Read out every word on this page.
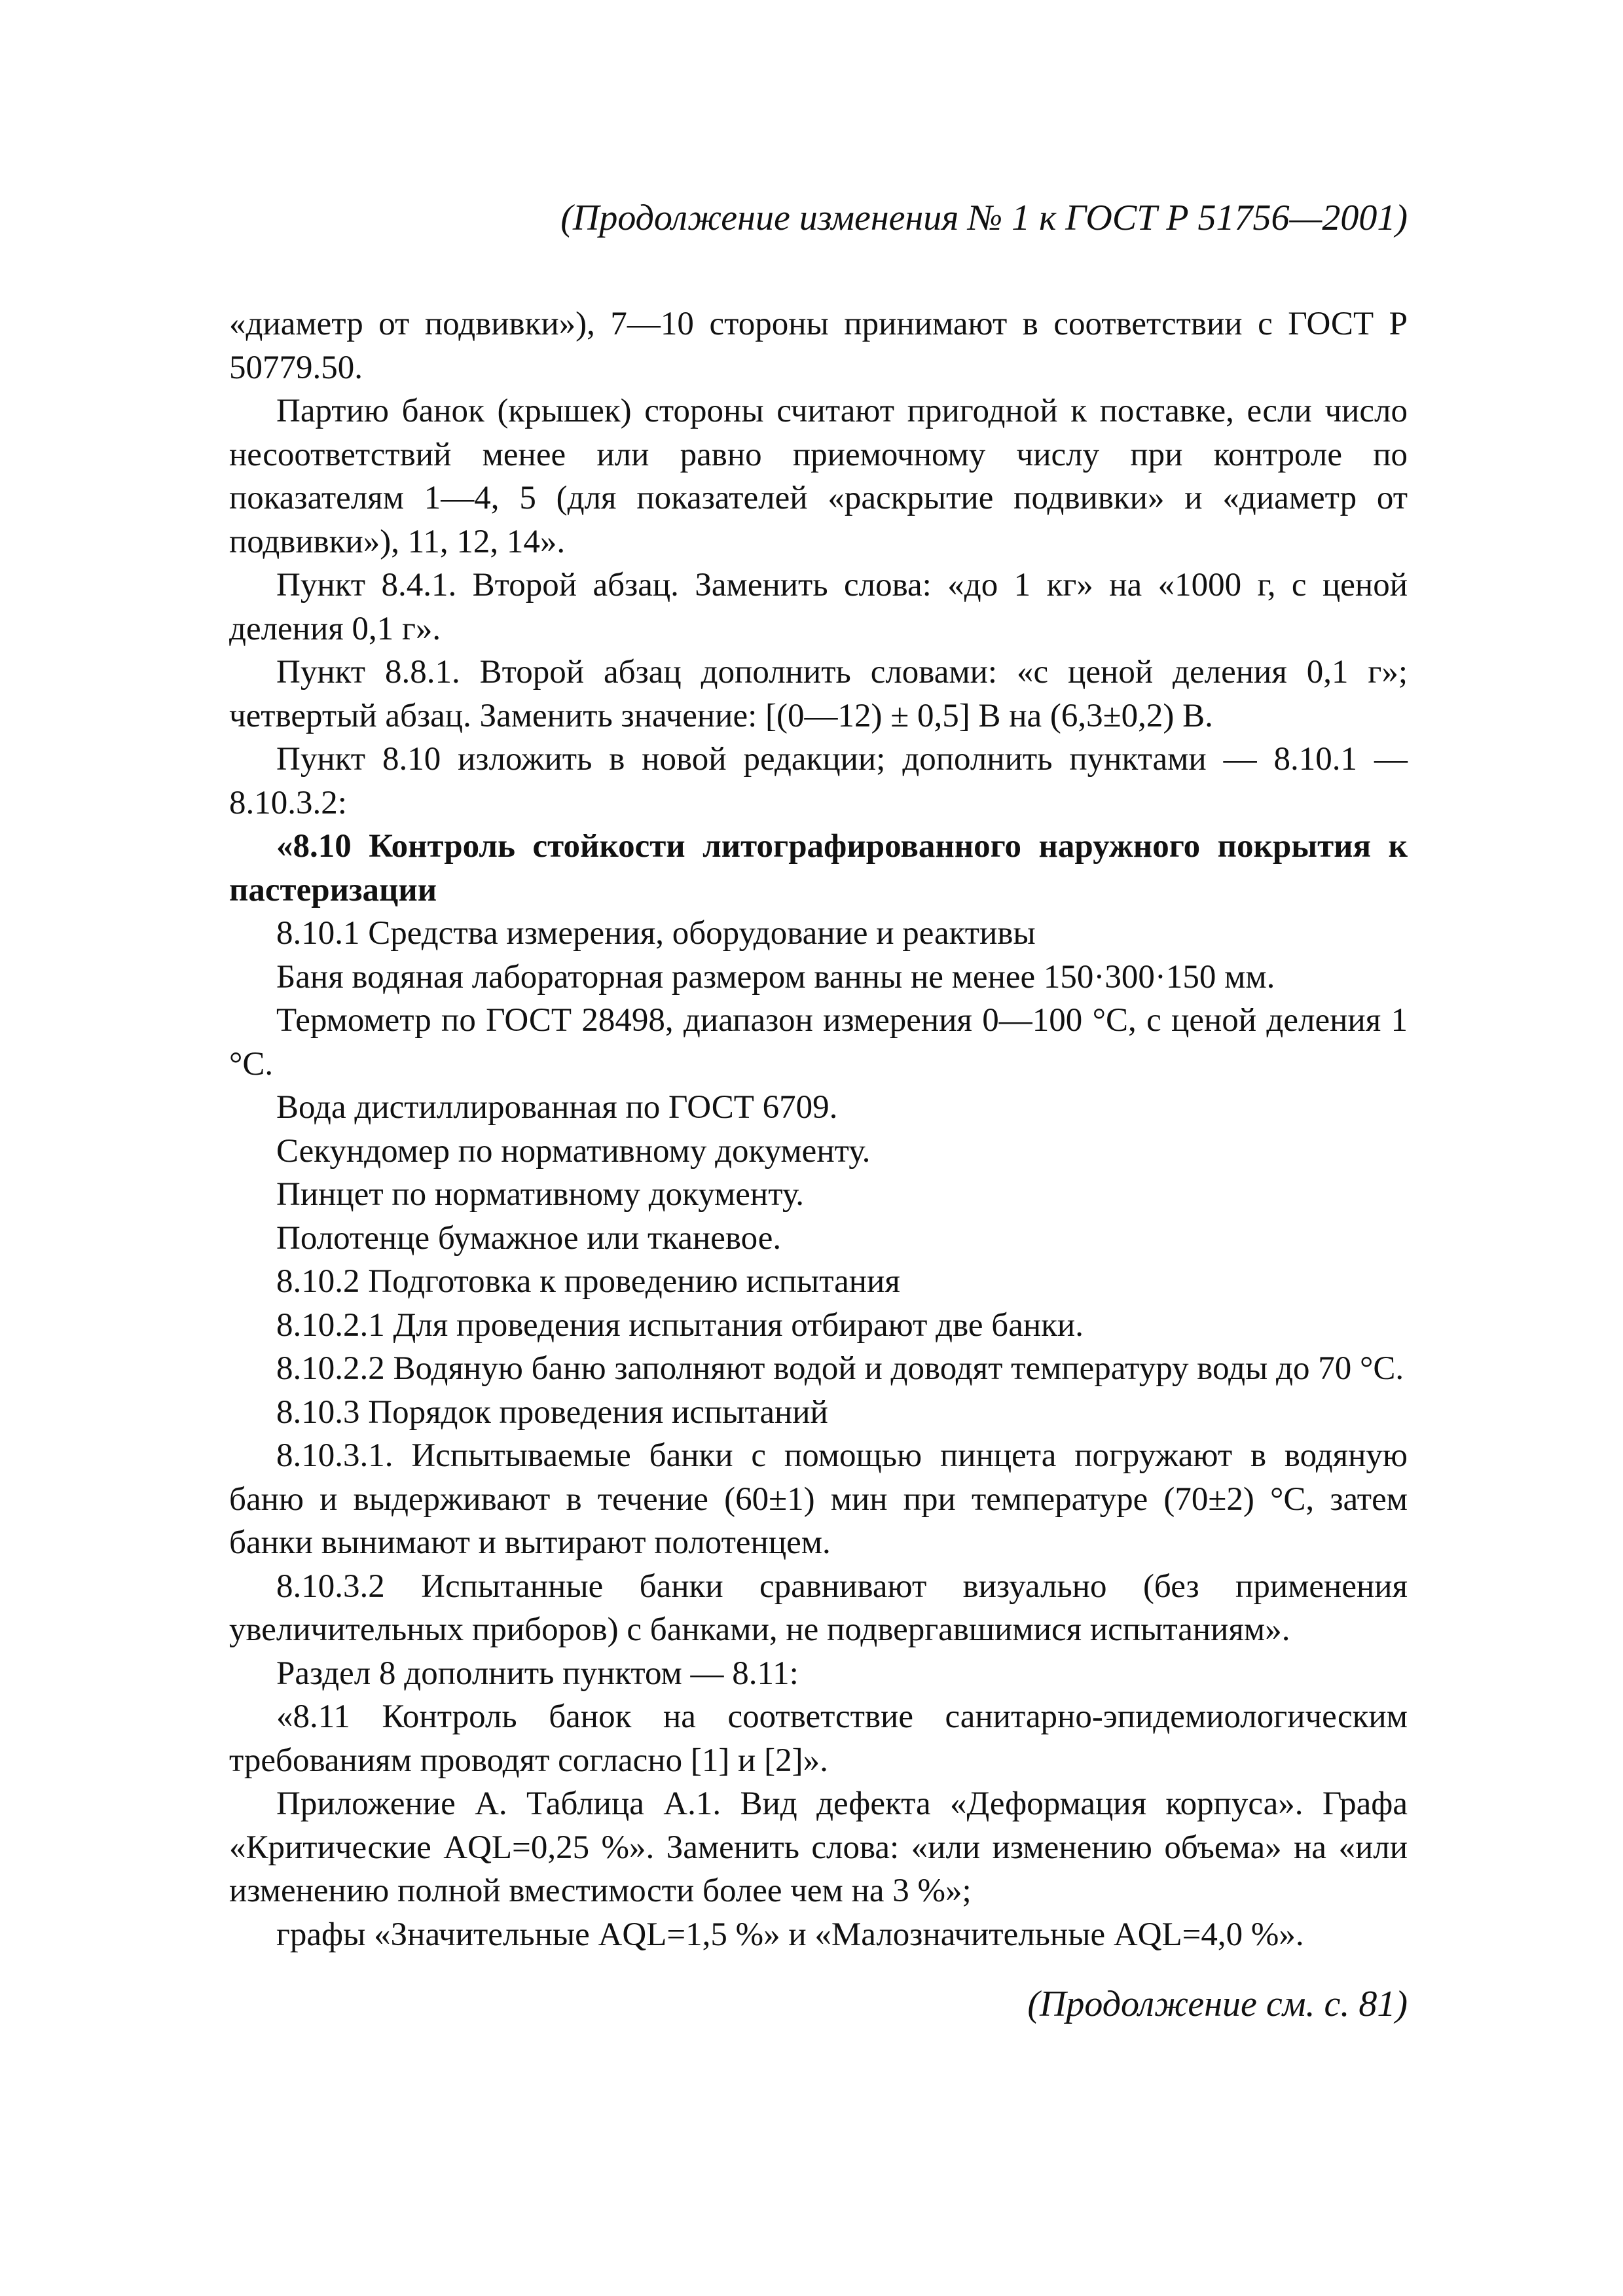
(Продолжение изменения № 1 к ГОСТ Р 51756—2001)

«диаметр от подвивки»), 7—10 стороны принимают в соответствии с ГОСТ Р 50779.50.

Партию банок (крышек) стороны считают пригодной к поставке, если число несоответствий менее или равно приемочному числу при контроле по показателям 1—4, 5 (для показателей «раскрытие подвивки» и «диаметр от подвивки»), 11, 12, 14».

Пункт 8.4.1. Второй абзац. Заменить слова: «до 1 кг» на «1000 г, с ценой деления 0,1 г».

Пункт 8.8.1. Второй абзац дополнить словами: «с ценой деления 0,1 г»; четвертый абзац. Заменить значение: [(0—12) ± 0,5] В на (6,3±0,2) В.

Пункт 8.10 изложить в новой редакции; дополнить пунктами — 8.10.1 —8.10.3.2:

«8.10 Контроль стойкости литографированного наружного покрытия к пастеризации

8.10.1 Средства измерения, оборудование и реактивы

Баня водяная лабораторная размером ванны не менее 150·300·150 мм.

Термометр по ГОСТ 28498, диапазон измерения 0—100 °С, с ценой деления 1 °С.

Вода дистиллированная по ГОСТ 6709.

Секундомер по нормативному документу.

Пинцет по нормативному документу.

Полотенце бумажное или тканевое.

8.10.2 Подготовка к проведению испытания

8.10.2.1 Для проведения испытания отбирают две банки.

8.10.2.2 Водяную баню заполняют водой и доводят температуру воды до 70 °С.

8.10.3 Порядок проведения испытаний

8.10.3.1. Испытываемые банки с помощью пинцета погружают в водяную баню и выдерживают в течение (60±1) мин при температуре (70±2) °С, затем банки вынимают и вытирают полотенцем.

8.10.3.2 Испытанные банки сравнивают визуально (без применения увеличительных приборов) с банками, не подвергавшимися испытаниям».

Раздел 8 дополнить пунктом — 8.11:

«8.11 Контроль банок на соответствие санитарно-эпидемиологическим требованиям проводят согласно [1] и [2]».

Приложение А. Таблица А.1. Вид дефекта «Деформация корпуса». Графа «Критические AQL=0,25 %». Заменить слова: «или изменению объема» на «или изменению полной вместимости более чем на 3 %»;

графы «Значительные AQL=1,5 %» и «Малозначительные AQL=4,0 %».

(Продолжение см. с. 81)
